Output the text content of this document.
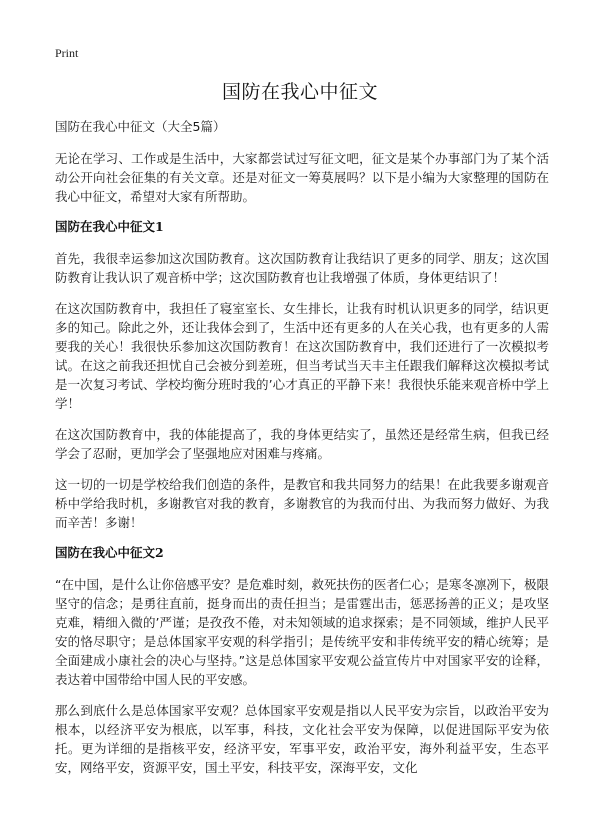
Print
国防在我心中征文
国防在我心中征文（大全5篇）

无论在学习、工作或是生活中，大家都尝试过写征文吧，征文是某个办事部门为了某个活动公开向社会征集的有关文章。还是对征文一筹莫展吗？以下是小编为大家整理的国防在我心中征文，希望对大家有所帮助。

国防在我心中征文1

首先，我很幸运参加这次国防教育。这次国防教育让我结识了更多的同学、朋友；这次国防教育让我认识了观音桥中学；这次国防教育也让我增强了体质，身体更结识了！

在这次国防教育中，我担任了寝室室长、女生排长，让我有时机认识更多的同学，结识更多的知己。除此之外，还让我体会到了，生活中还有更多的人在关心我，也有更多的人需要我的关心！我很快乐参加这次国防教育！在这次国防教育中，我们还进行了一次模拟考试。在这之前我还担忧自己会被分到差班，但当考试当天丰主任跟我们解释这次模拟考试是一次复习考试、学校均衡分班时我的’心才真正的平静下来！我很快乐能来观音桥中学上学！

在这次国防教育中，我的体能提高了，我的身体更结实了，虽然还是经常生病，但我已经学会了忍耐，更加学会了坚强地应对困难与疼痛。

这一切的一切是学校给我们创造的条件，是教官和我共同努力的结果！在此我要多谢观音桥中学给我时机，多谢教官对我的教育，多谢教官的为我而付出、为我而努力做好、为我而辛苦！多谢！

国防在我心中征文2

“在中国，是什么让你倍感平安？是危难时刻，救死扶伤的医者仁心；是寒冬凛冽下，极限坚守的信念；是勇往直前，挺身而出的责任担当；是雷霆出击，惩恶扬善的正义；是攻坚克难，精细入微的’严谨；是孜孜不倦，对未知领域的追求探索；是不同领域，维护人民平安的恪尽职守；是总体国家平安观的科学指引；是传统平安和非传统平安的精心统筹；是全面建成小康社会的决心与坚持。”这是总体国家平安观公益宣传片中对国家平安的诠释，表达着中国带给中国人民的平安感。

那么到底什么是总体国家平安观？总体国家平安观是指以人民平安为宗旨，以政治平安为根本，以经济平安为根底，以军事，科技，文化社会平安为保障，以促进国际平安为依托。更为详细的是指核平安，经济平安，军事平安，政治平安，海外利益平安，生态平安，网络平安，资源平安，国土平安，科技平安，深海平安，文化
